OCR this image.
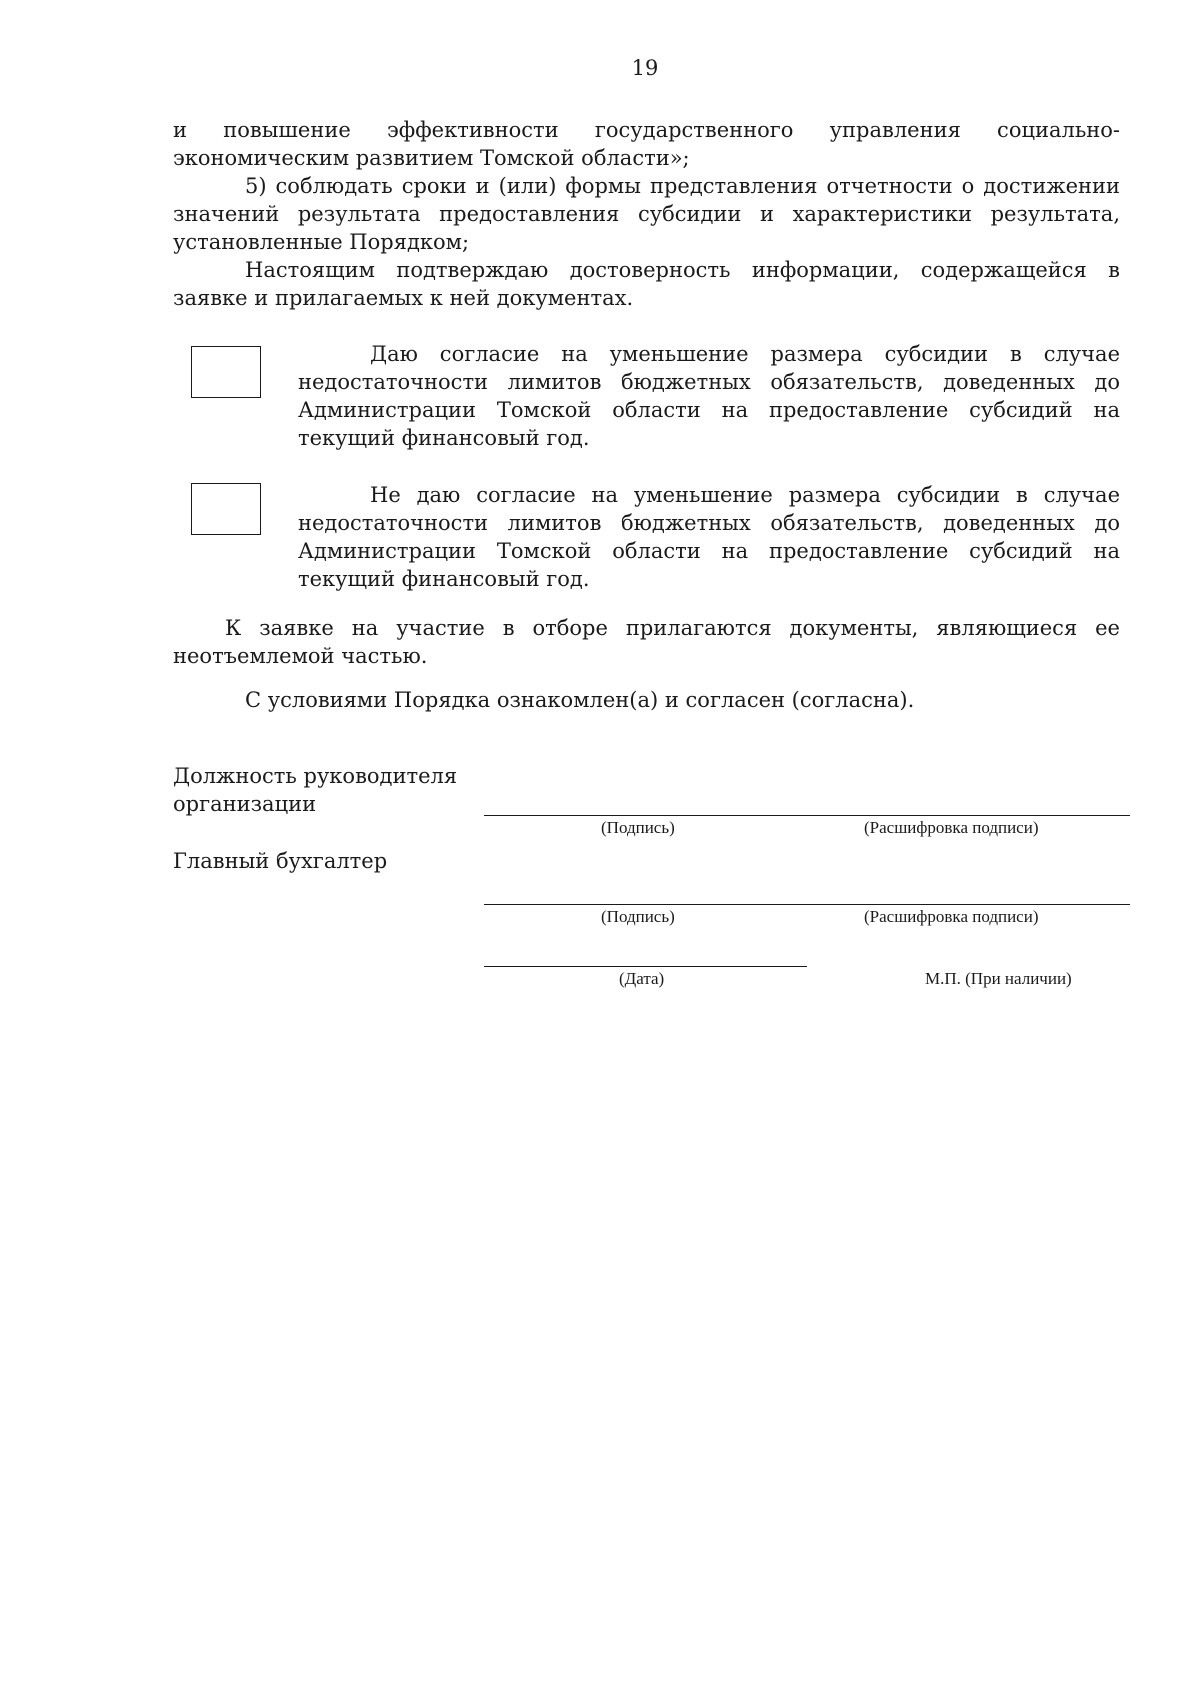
19

и повышение эффективности государственного управления социально-экономическим развитием Томской области»;

5) соблюдать сроки и (или) формы представления отчетности о достижении значений результата предоставления субсидии и характеристики результата, установленные Порядком;

Настоящим подтверждаю достоверность информации, содержащейся в заявке и прилагаемых к ней документах.

Даю согласие на уменьшение размера субсидии в случае недостаточности лимитов бюджетных обязательств, доведенных до Администрации Томской области на предоставление субсидий на текущий финансовый год.
Не даю согласие на уменьшение размера субсидии в случае недостаточности лимитов бюджетных обязательств, доведенных до Администрации Томской области на предоставление субсидий на текущий финансовый год.

К заявке на участие в отборе прилагаются документы, являющиеся ее неотъемлемой частью.

С условиями Порядка ознакомлен(а) и согласен (согласна).

Должность руководителя организации
(Подпись)	(Расшифровка подписи)
Главный бухгалтер
(Подпись)	(Расшифровка подписи)
(Дата)	М.П. (При наличии)
